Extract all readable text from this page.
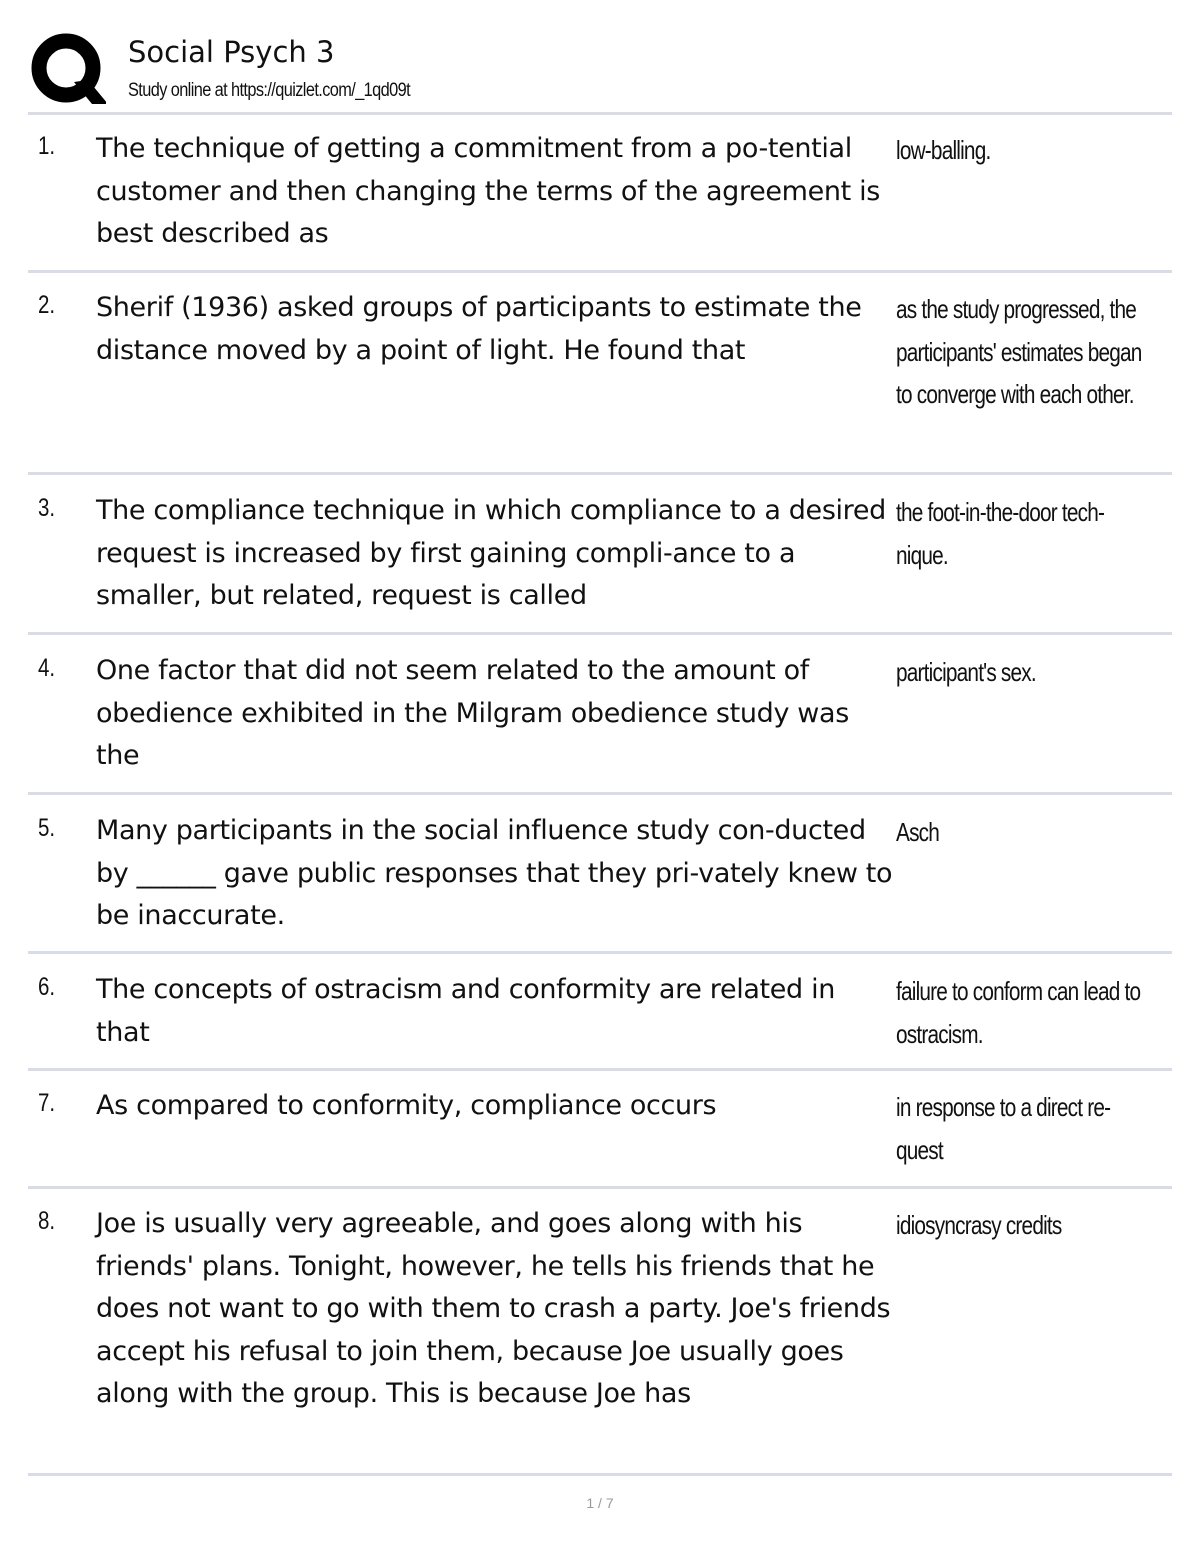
Social Psych 3
Study online at https://quizlet.com/_1qd09t
1. The technique of getting a commitment from a po-tential customer and then changing the terms of the agreement is best described as
low-balling.
2. Sherif (1936) asked groups of participants to estimate the distance moved by a point of light. He found that
as the study progressed, the participants' estimates began to converge with each other.
3. The compliance technique in which compliance to a desired request is increased by first gaining compli-ance to a smaller, but related, request is called
the foot-in-the-door tech-nique.
4. One factor that did not seem related to the amount of obedience exhibited in the Milgram obedience study was the
participant's sex.
5. Many participants in the social influence study con-ducted by ______ gave public responses that they pri-vately knew to be inaccurate.
Asch
6. The concepts of ostracism and conformity are related in that
failure to conform can lead to ostracism.
7. As compared to conformity, compliance occurs	in response to a direct re-quest
8. Joe is usually very agreeable, and goes along with his friends' plans. Tonight, however, he tells his friends that he does not want to go with them to crash a party. Joe's friends accept his refusal to join them, because Joe usually goes along with the group. This is because Joe has
idiosyncrasy credits
1 / 7
